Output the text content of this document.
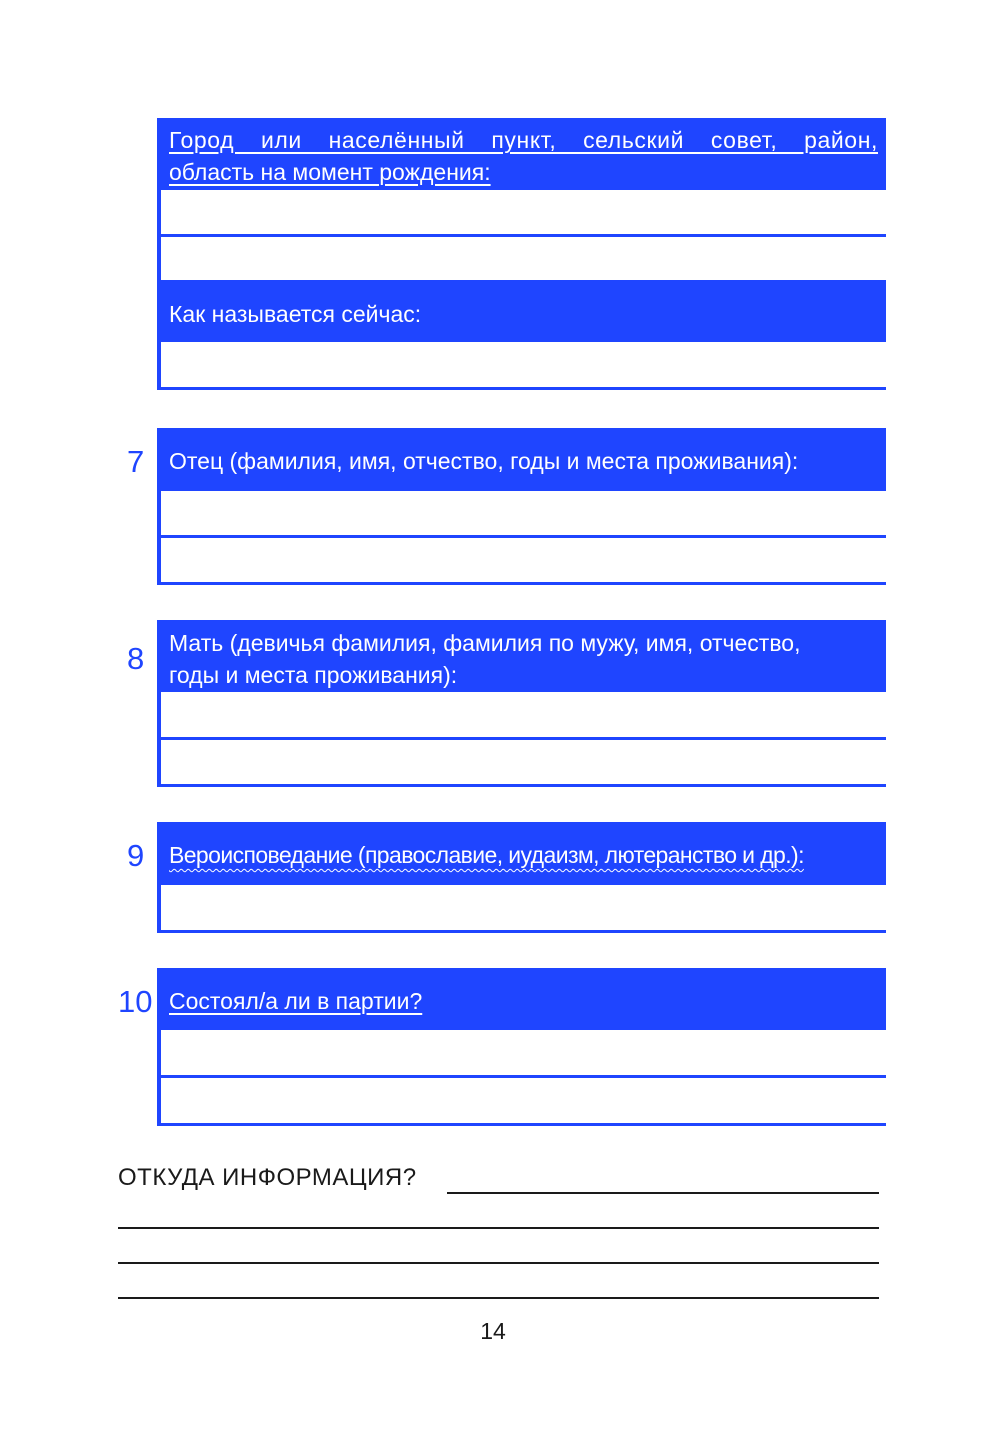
Город или населённый пункт, сельский совет, район,
область на момент рождения:
Как называется сейчас:
7	Отец (фамилия, имя, отчество, годы и места проживания):
8 Мать (девичья фамилия, фамилия по мужу, имя, отчество,
годы и места проживания):
9	Вероисповедание (православие, иудаизм, лютеранство и др.):
10 Состоял/а ли в партии?
ОТКУДА ИНФОРМАЦИЯ?
14
